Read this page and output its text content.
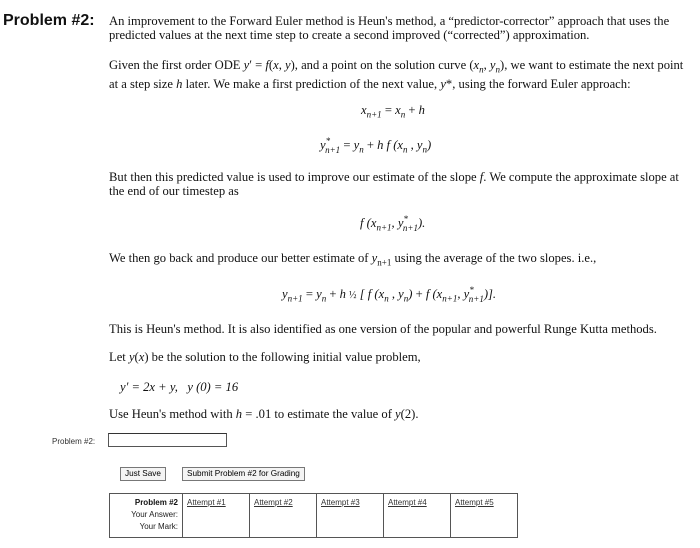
Problem #2: An improvement to the Forward Euler method is Heun's method, a “predictor-corrector” approach that uses the predicted values at the next time step to create a second improved (“corrected”) approximation.
Given the first order ODE y′ = f(x, y), and a point on the solution curve ($x_n$, $y_n$), we want to estimate the next point at a step size h later. We make a first prediction of the next value, y*, using the forward Euler approach:
$x_{n+1} = x_n + h$
$y^*_{n+1} = y_n + h$ f ($x_n$ , $y_n$)
But then this predicted value is used to improve our estimate of the slope f. We compute the approximate slope at the end of our timestep as
f ($x_{n+1}$, $y^*_{n+1}$).
We then go back and produce our better estimate of $y_{n+1}$ using the average of the two slopes. i.e.,
$y_{n+1} = y_n + h$ ½ [ f ($x_n$ , $y_n) + f$ ($x_{n+1}$, $y^*_{n+1}$)].
This is Heun's method. It is also identified as one version of the popular and powerful Runge Kutta methods.
Let y(x) be the solution to the following initial value problem,
y′ = 2x + y, y (0) = 16
Use Heun's method with h = .01 to estimate the value of y(2).
Problem #2:
Just Save	Submit Problem #2 for Grading
Problem #2
Your Answer:
Your Mark:	
Attempt #1	Attempt #2	Attempt #3	Attempt #4	Attempt #5
